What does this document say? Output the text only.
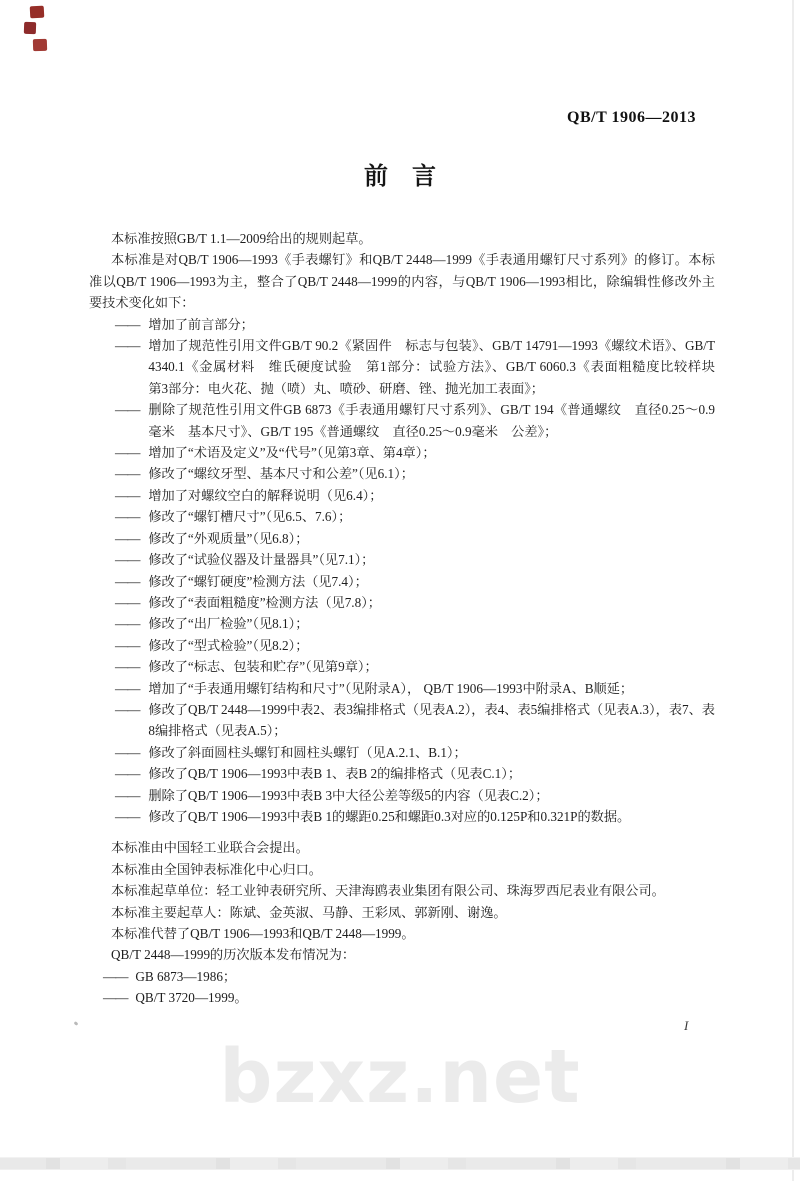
QB/T 1906—2013
前　言

本标准按照GB/T 1.1—2009给出的规则起草。

本标准是对QB/T 1906—1993《手表螺钉》和QB/T 2448—1999《手表通用螺钉尺寸系列》的修订。本标准以QB/T 1906—1993为主，整合了QB/T 2448—1999的内容，与QB/T 1906—1993相比，除编辑性修改外主要技术变化如下：

—— 增加了前言部分；
—— 增加了规范性引用文件GB/T 90.2《紧固件　标志与包装》、GB/T 14791—1993《螺纹术语》、GB/T 4340.1《金属材料　维氏硬度试验　第1部分：试验方法》、GB/T 6060.3《表面粗糙度比较样块　第3部分：电火花、抛（喷）丸、喷砂、研磨、锉、抛光加工表面》；
—— 删除了规范性引用文件GB 6873《手表通用螺钉尺寸系列》、GB/T 194《普通螺纹　直径0.25～0.9毫米　基本尺寸》、GB/T 195《普通螺纹　直径0.25～0.9毫米　公差》；
—— 增加了“术语及定义”及“代号”（见第3章、第4章）；
—— 修改了“螺纹牙型、基本尺寸和公差”（见6.1）；
—— 增加了对螺纹空白的解释说明（见6.4）；
—— 修改了“螺钉槽尺寸”（见6.5、7.6）；
—— 修改了“外观质量”（见6.8）；
—— 修改了“试验仪器及计量器具”（见7.1）；
—— 修改了“螺钉硬度”检测方法（见7.4）；
—— 修改了“表面粗糙度”检测方法（见7.8）；
—— 修改了“出厂检验”（见8.1）；
—— 修改了“型式检验”（见8.2）；
—— 修改了“标志、包装和贮存”（见第9章）；
—— 增加了“手表通用螺钉结构和尺寸”（见附录A）， QB/T 1906—1993中附录A、B顺延；
—— 修改了QB/T 2448—1999中表2、表3编排格式（见表A.2），表4、表5编排格式（见表A.3），表7、表8编排格式（见表A.5）；
—— 修改了斜面圆柱头螺钉和圆柱头螺钉（见A.2.1、B.1）；
—— 修改了QB/T 1906—1993中表B 1、表B 2的编排格式（见表C.1）；
—— 删除了QB/T 1906—1993中表B 3中大径公差等级5的内容（见表C.2）；
—— 修改了QB/T 1906—1993中表B 1的螺距0.25和螺距0.3对应的0.125P和0.321P的数据。

本标准由中国轻工业联合会提出。

本标准由全国钟表标准化中心归口。

本标准起草单位：轻工业钟表研究所、天津海鸥表业集团有限公司、珠海罗西尼表业有限公司。

本标准主要起草人：陈斌、金英淑、马静、王彩凤、郭新刚、谢逸。

本标准代替了QB/T 1906—1993和QB/T 2448—1999。

QB/T 2448—1999的历次版本发布情况为：

—— GB 6873—1986；
—— QB/T 3720—1999。
I
bzxz.net
